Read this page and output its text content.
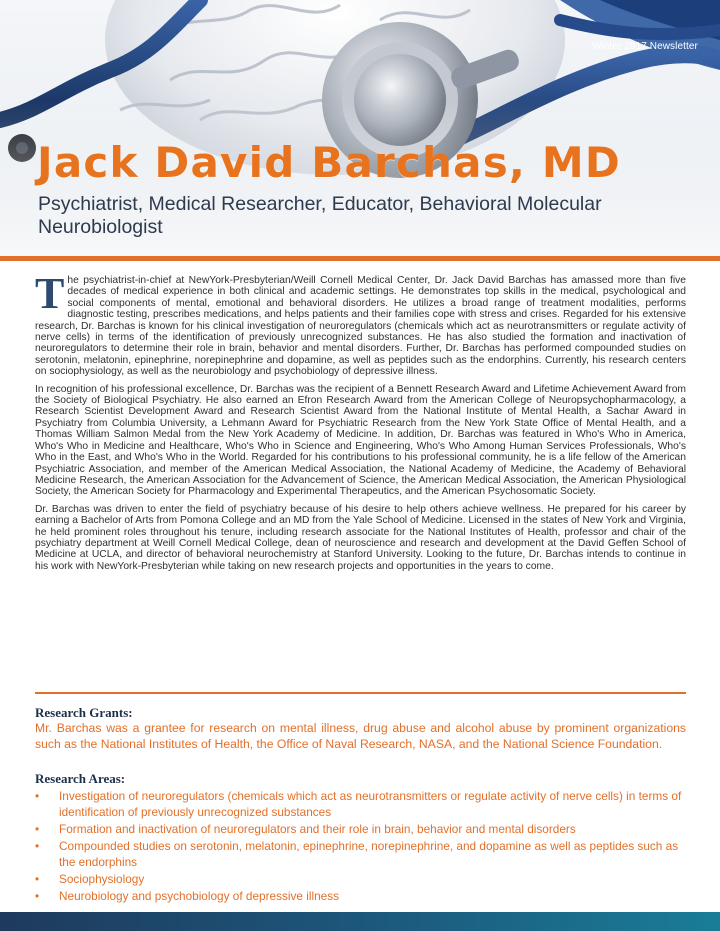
Winter 2017 Newsletter
Jack David Barchas, MD
Psychiatrist, Medical Researcher, Educator, Behavioral Molecular Neurobiologist

The psychiatrist-in-chief at NewYork-Presbyterian/Weill Cornell Medical Center, Dr. Jack David Barchas has amassed more than five decades of medical experience in both clinical and academic settings. He demonstrates top skills in the medical, psychological and social components of mental, emotional and behavioral disorders. He utilizes a broad range of treatment modalities, performs diagnostic testing, prescribes medications, and helps patients and their families cope with stress and crises. Regarded for his extensive research, Dr. Barchas is known for his clinical investigation of neuroregulators (chemicals which act as neurotransmitters or regulate activity of nerve cells) in terms of the identification of previously unrecognized substances. He has also studied the formation and inactivation of neuroregulators to determine their role in brain, behavior and mental disorders. Further, Dr. Barchas has performed compounded studies on serotonin, melatonin, epinephrine, norepinephrine and dopamine, as well as peptides such as the endorphins. Currently, his research centers on sociophysiology, as well as the neurobiology and psychobiology of depressive illness.

In recognition of his professional excellence, Dr. Barchas was the recipient of a Bennett Research Award and Lifetime Achievement Award from the Society of Biological Psychiatry. He also earned an Efron Research Award from the American College of Neuropsychopharmacology, a Research Scientist Development Award and Research Scientist Award from the National Institute of Mental Health, a Sachar Award in Psychiatry from Columbia University, a Lehmann Award for Psychiatric Research from the New York State Office of Mental Health, and a Thomas William Salmon Medal from the New York Academy of Medicine. In addition, Dr. Barchas was featured in Who's Who in America, Who's Who in Medicine and Healthcare, Who's Who in Science and Engineering, Who's Who Among Human Services Professionals, Who's Who in the East, and Who's Who in the World. Regarded for his contributions to his professional community, he is a life fellow of the American Psychiatric Association, and member of the American Medical Association, the National Academy of Medicine, the Academy of Behavioral Medicine Research, the American Association for the Advancement of Science, the American Medical Association, the American Physiological Society, the American Society for Pharmacology and Experimental Therapeutics, and the American Psychosomatic Society.

Dr. Barchas was driven to enter the field of psychiatry because of his desire to help others achieve wellness. He prepared for his career by earning a Bachelor of Arts from Pomona College and an MD from the Yale School of Medicine. Licensed in the states of New York and Virginia, he held prominent roles throughout his tenure, including research associate for the National Institutes of Health, professor and chair of the psychiatry department at Weill Cornell Medical College, dean of neuroscience and research and development at the David Geffen School of Medicine at UCLA, and director of behavioral neurochemistry at Stanford University. Looking to the future, Dr. Barchas intends to continue in his work with NewYork-Presbyterian while taking on new research projects and opportunities in the years to come.

Research Grants:
Mr. Barchas was a grantee for research on mental illness, drug abuse and alcohol abuse by prominent organizations such as the National Institutes of Health, the Office of Naval Research, NASA, and the National Science Foundation.
Research Areas:
• Investigation of neuroregulators (chemicals which act as neurotransmitters or regulate activity of nerve cells) in terms of identification of previously unrecognized substances
• Formation and inactivation of neuroregulators and their role in brain, behavior and mental disorders
• Compounded studies on serotonin, melatonin, epinephrine, norepinephrine, and dopamine as well as peptides such as the endorphins
• Sociophysiology
• Neurobiology and psychobiology of depressive illness
